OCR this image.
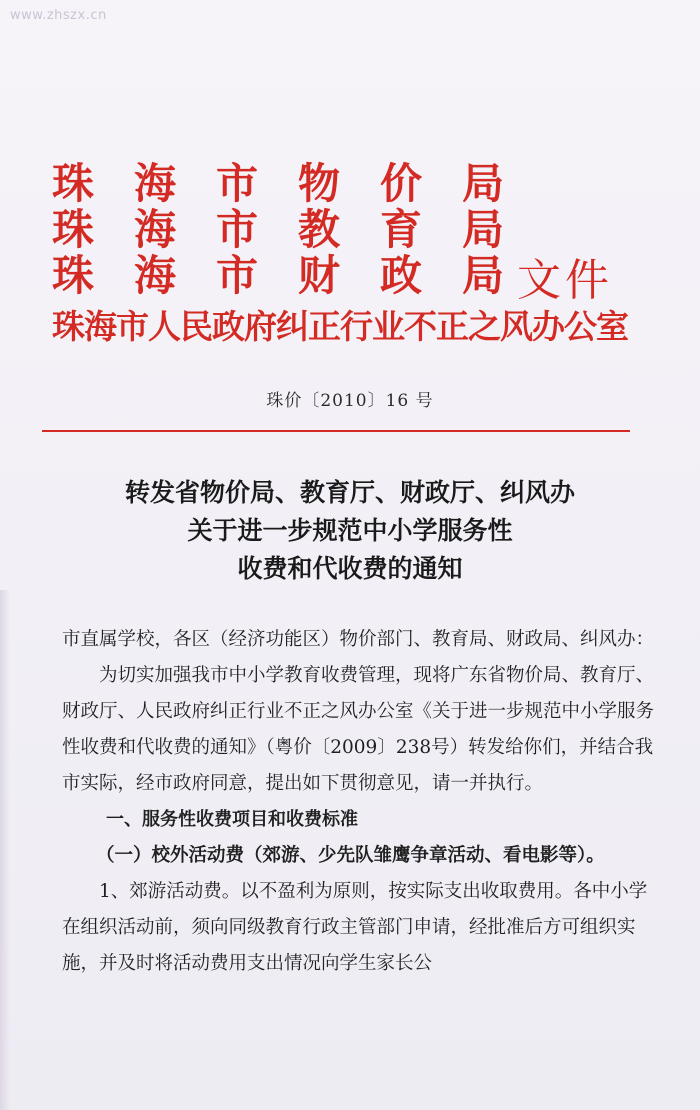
www.zhszx.cn
珠 海 市 物 价 局
珠 海 市 教 育 局
珠 海 市 财 政 局
珠海市人民政府纠正行业不正之风办公室
文件
珠价〔2010〕16 号
转发省物价局、教育厅、财政厅、纠风办
关于进一步规范中小学服务性
收费和代收费的通知

市直属学校，各区（经济功能区）物价部门、教育局、财政局、纠风办：

为切实加强我市中小学教育收费管理，现将广东省物价局、教育厅、财政厅、人民政府纠正行业不正之风办公室《关于进一步规范中小学服务性收费和代收费的通知》（粤价〔2009〕238号）转发给你们，并结合我市实际，经市政府同意，提出如下贯彻意见，请一并执行。

一、服务性收费项目和收费标准

（一）校外活动费（郊游、少先队雏鹰争章活动、看电影等）。

1、郊游活动费。以不盈利为原则，按实际支出收取费用。各中小学在组织活动前，须向同级教育行政主管部门申请，经批准后方可组织实施，并及时将活动费用支出情况向学生家长公
